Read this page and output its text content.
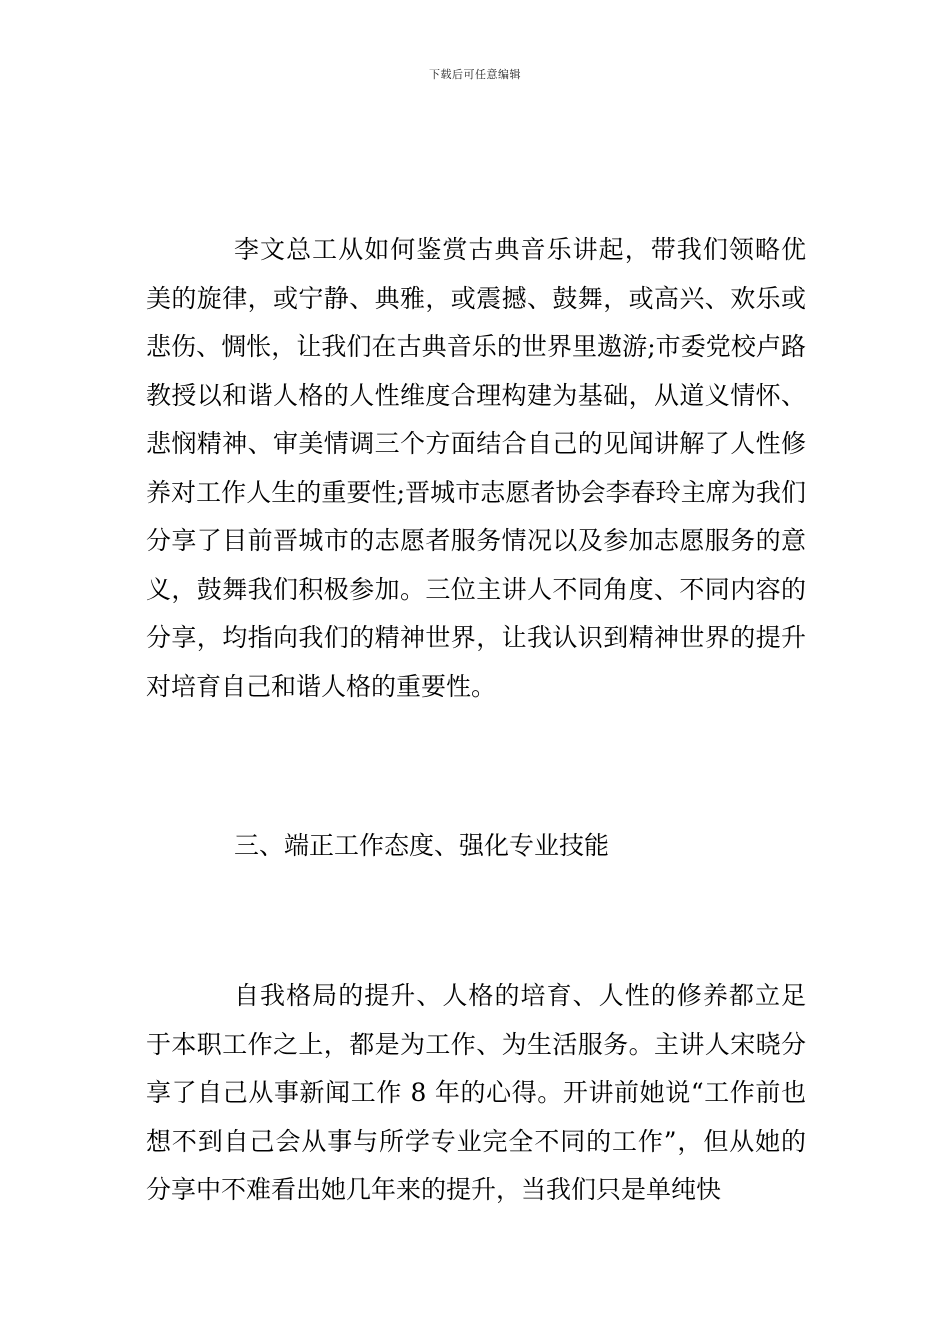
下载后可任意编辑

李文总工从如何鉴赏古典音乐讲起，带我们领略优美的旋律，或宁静、典雅，或震撼、鼓舞，或高兴、欢乐或悲伤、惆怅，让我们在古典音乐的世界里遨游;市委党校卢路教授以和谐人格的人性维度合理构建为基础，从道义情怀、悲悯精神、审美情调三个方面结合自己的见闻讲解了人性修养对工作人生的重要性;晋城市志愿者协会李春玲主席为我们分享了目前晋城市的志愿者服务情况以及参加志愿服务的意义，鼓舞我们积极参加。三位主讲人不同角度、不同内容的分享，均指向我们的精神世界，让我认识到精神世界的提升对培育自己和谐人格的重要性。

三、端正工作态度、强化专业技能

自我格局的提升、人格的培育、人性的修养都立足于本职工作之上，都是为工作、为生活服务。主讲人宋晓分享了自己从事新闻工作 8 年的心得。开讲前她说“工作前也想不到自己会从事与所学专业完全不同的工作”，但从她的分享中不难看出她几年来的提升，当我们只是单纯快
